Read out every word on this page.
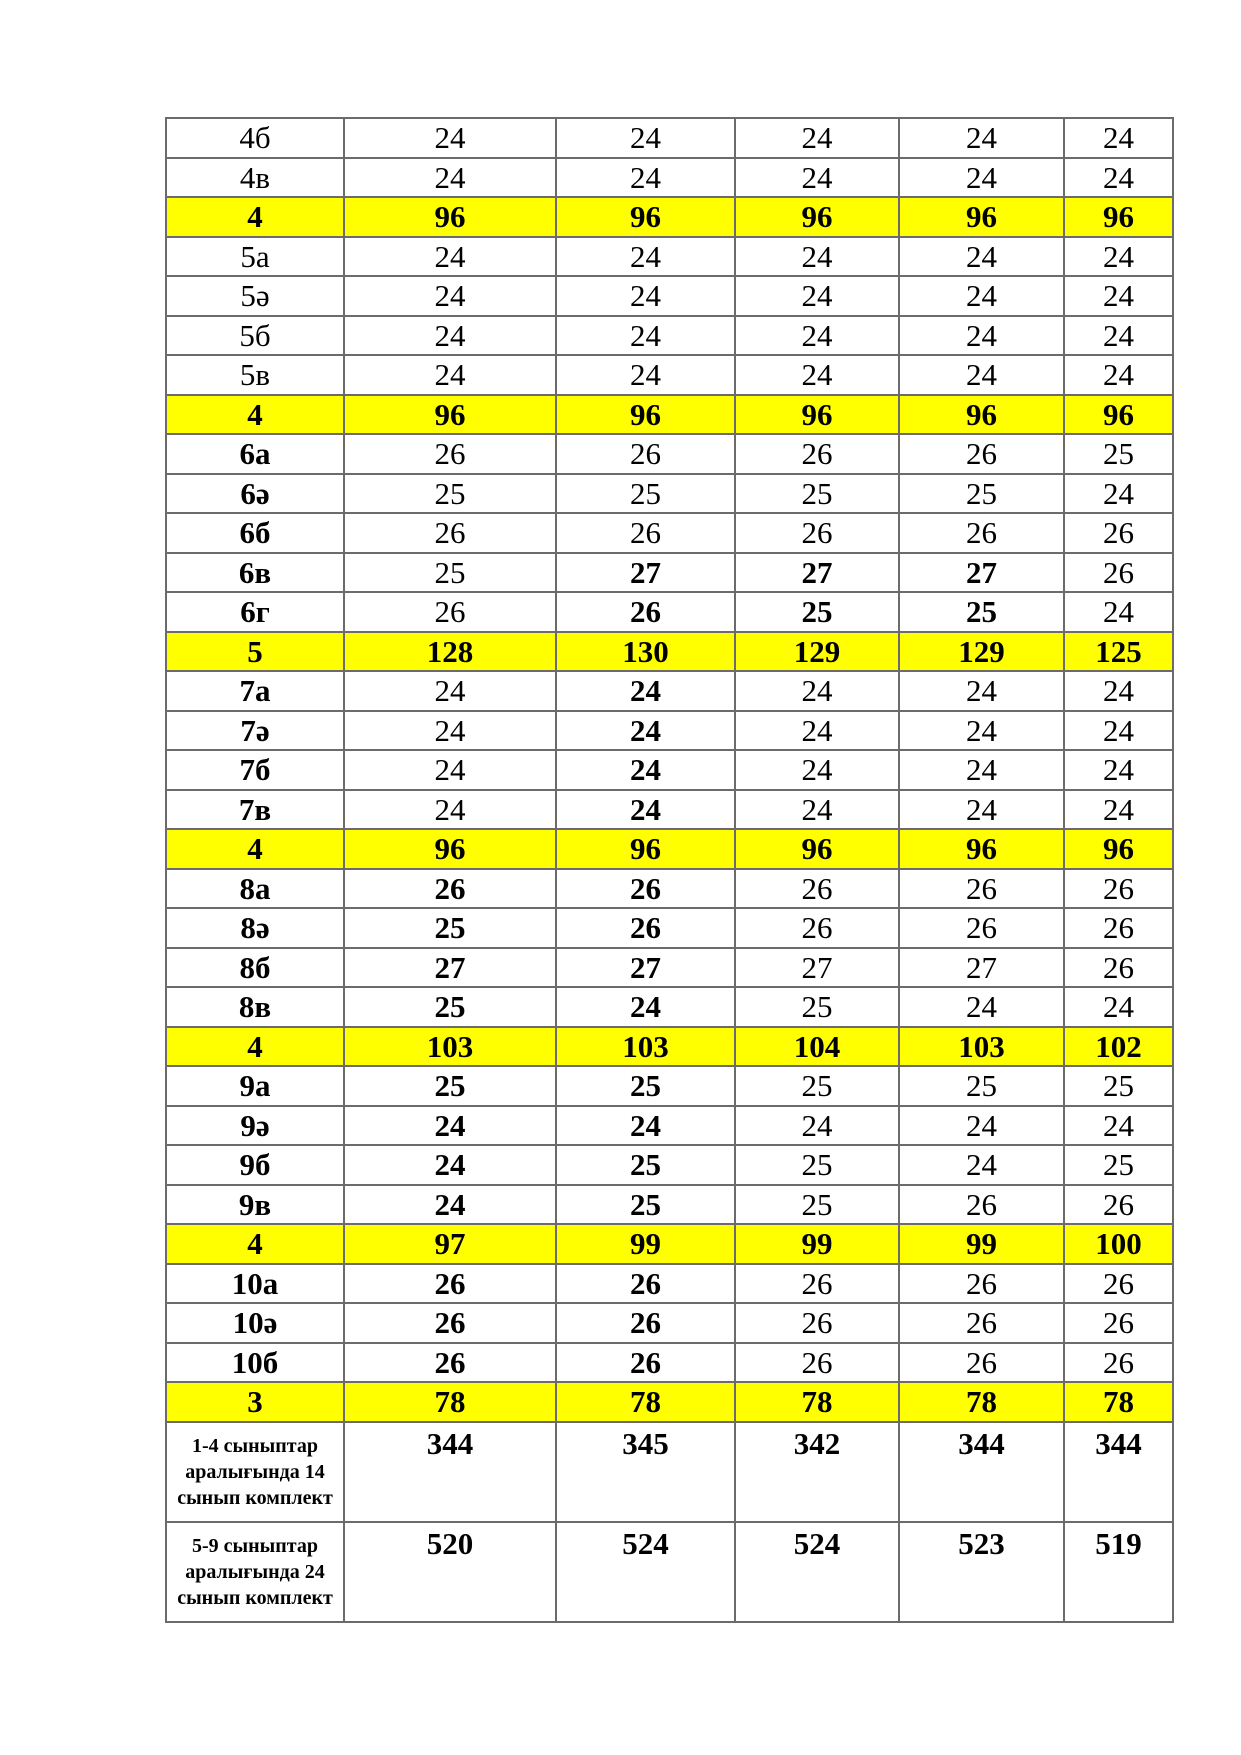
4б	24	24	24	24	24
4в	24	24	24	24	24
4	96	96	96	96	96
5а	24	24	24	24	24
5ә	24	24	24	24	24
5б	24	24	24	24	24
5в	24	24	24	24	24
4	96	96	96	96	96
6а	26	26	26	26	25
6ә	25	25	25	25	24
6б	26	26	26	26	26
6в	25	27	27	27	26
6г	26	26	25	25	24
5	128	130	129	129	125
7а	24	24	24	24	24
7ә	24	24	24	24	24
7б	24	24	24	24	24
7в	24	24	24	24	24
4	96	96	96	96	96
8а	26	26	26	26	26
8ә	25	26	26	26	26
8б	27	27	27	27	26
8в	25	24	25	24	24
4	103	103	104	103	102
9а	25	25	25	25	25
9ә	24	24	24	24	24
9б	24	25	25	24	25
9в	24	25	25	26	26
4	97	99	99	99	100
10а	26	26	26	26	26
10ә	26	26	26	26	26
10б	26	26	26	26	26
3	78	78	78	78	78
1-4 сыныптар аралығында 14 сынып комплект	344	345	342	344	344
5-9 сыныптар аралығында 24 сынып комплект	520	524	524	523	519
